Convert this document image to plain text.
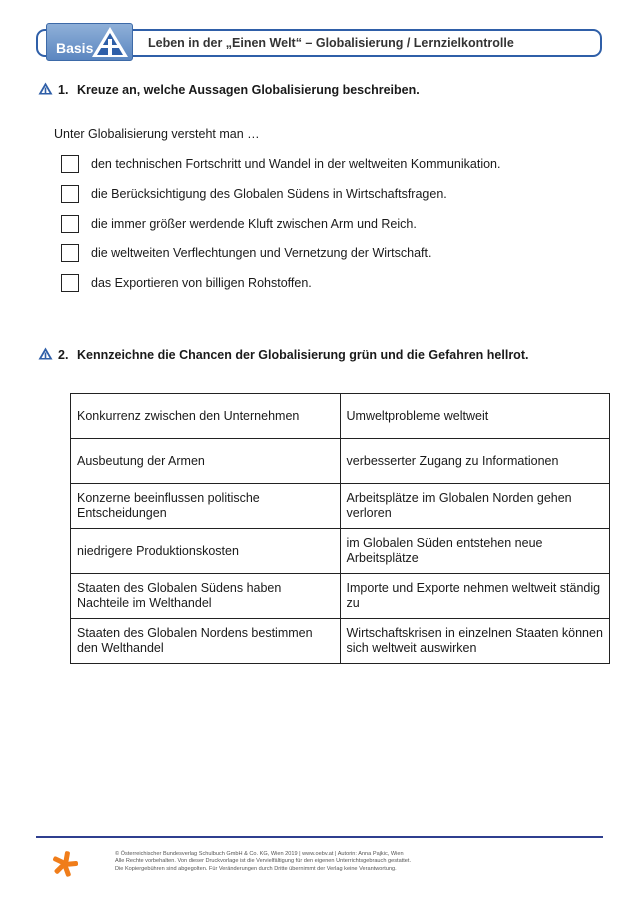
Basis	Leben in der „Einen Welt“ – Globalisierung / Lernzielkontrolle
1. Kreuze an, welche Aussagen Globalisierung beschreiben.
Unter Globalisierung versteht man …
den technischen Fortschritt und Wandel in der weltweiten Kommunikation.
die Berücksichtigung des Globalen Südens in Wirtschaftsfragen.
die immer größer werdende Kluft zwischen Arm und Reich.
die weltweiten Verflechtungen und Vernetzung der Wirtschaft.
das Exportieren von billigen Rohstoffen.
2. Kennzeichne die Chancen der Globalisierung grün und die Gefahren hellrot.
Konkurrenz zwischen den Unternehmen	Umweltprobleme weltweit
Ausbeutung der Armen	verbesserter Zugang zu Informationen
Konzerne beeinflussen politische Entscheidungen	Arbeitsplätze im Globalen Norden gehen verloren
niedrigere Produktionskosten	im Globalen Süden entstehen neue Arbeitsplätze
Staaten des Globalen Südens haben Nachteile im Welthandel	Importe und Exporte nehmen weltweit ständig zu
Staaten des Globalen Nordens bestimmen den Welthandel	Wirtschaftskrisen in einzelnen Staaten können sich weltweit auswirken
© Österreichischer Bundesverlag Schulbuch GmbH & Co. KG, Wien 2019 | www.oebv.at | Autorin: Anna Pajkic, Wien
Alle Rechte vorbehalten. Von dieser Druckvorlage ist die Vervielfältigung für den eigenen Unterrichtsgebrauch gestattet.
Die Kopiergebühren sind abgegolten. Für Veränderungen durch Dritte übernimmt der Verlag keine Verantwortung.
